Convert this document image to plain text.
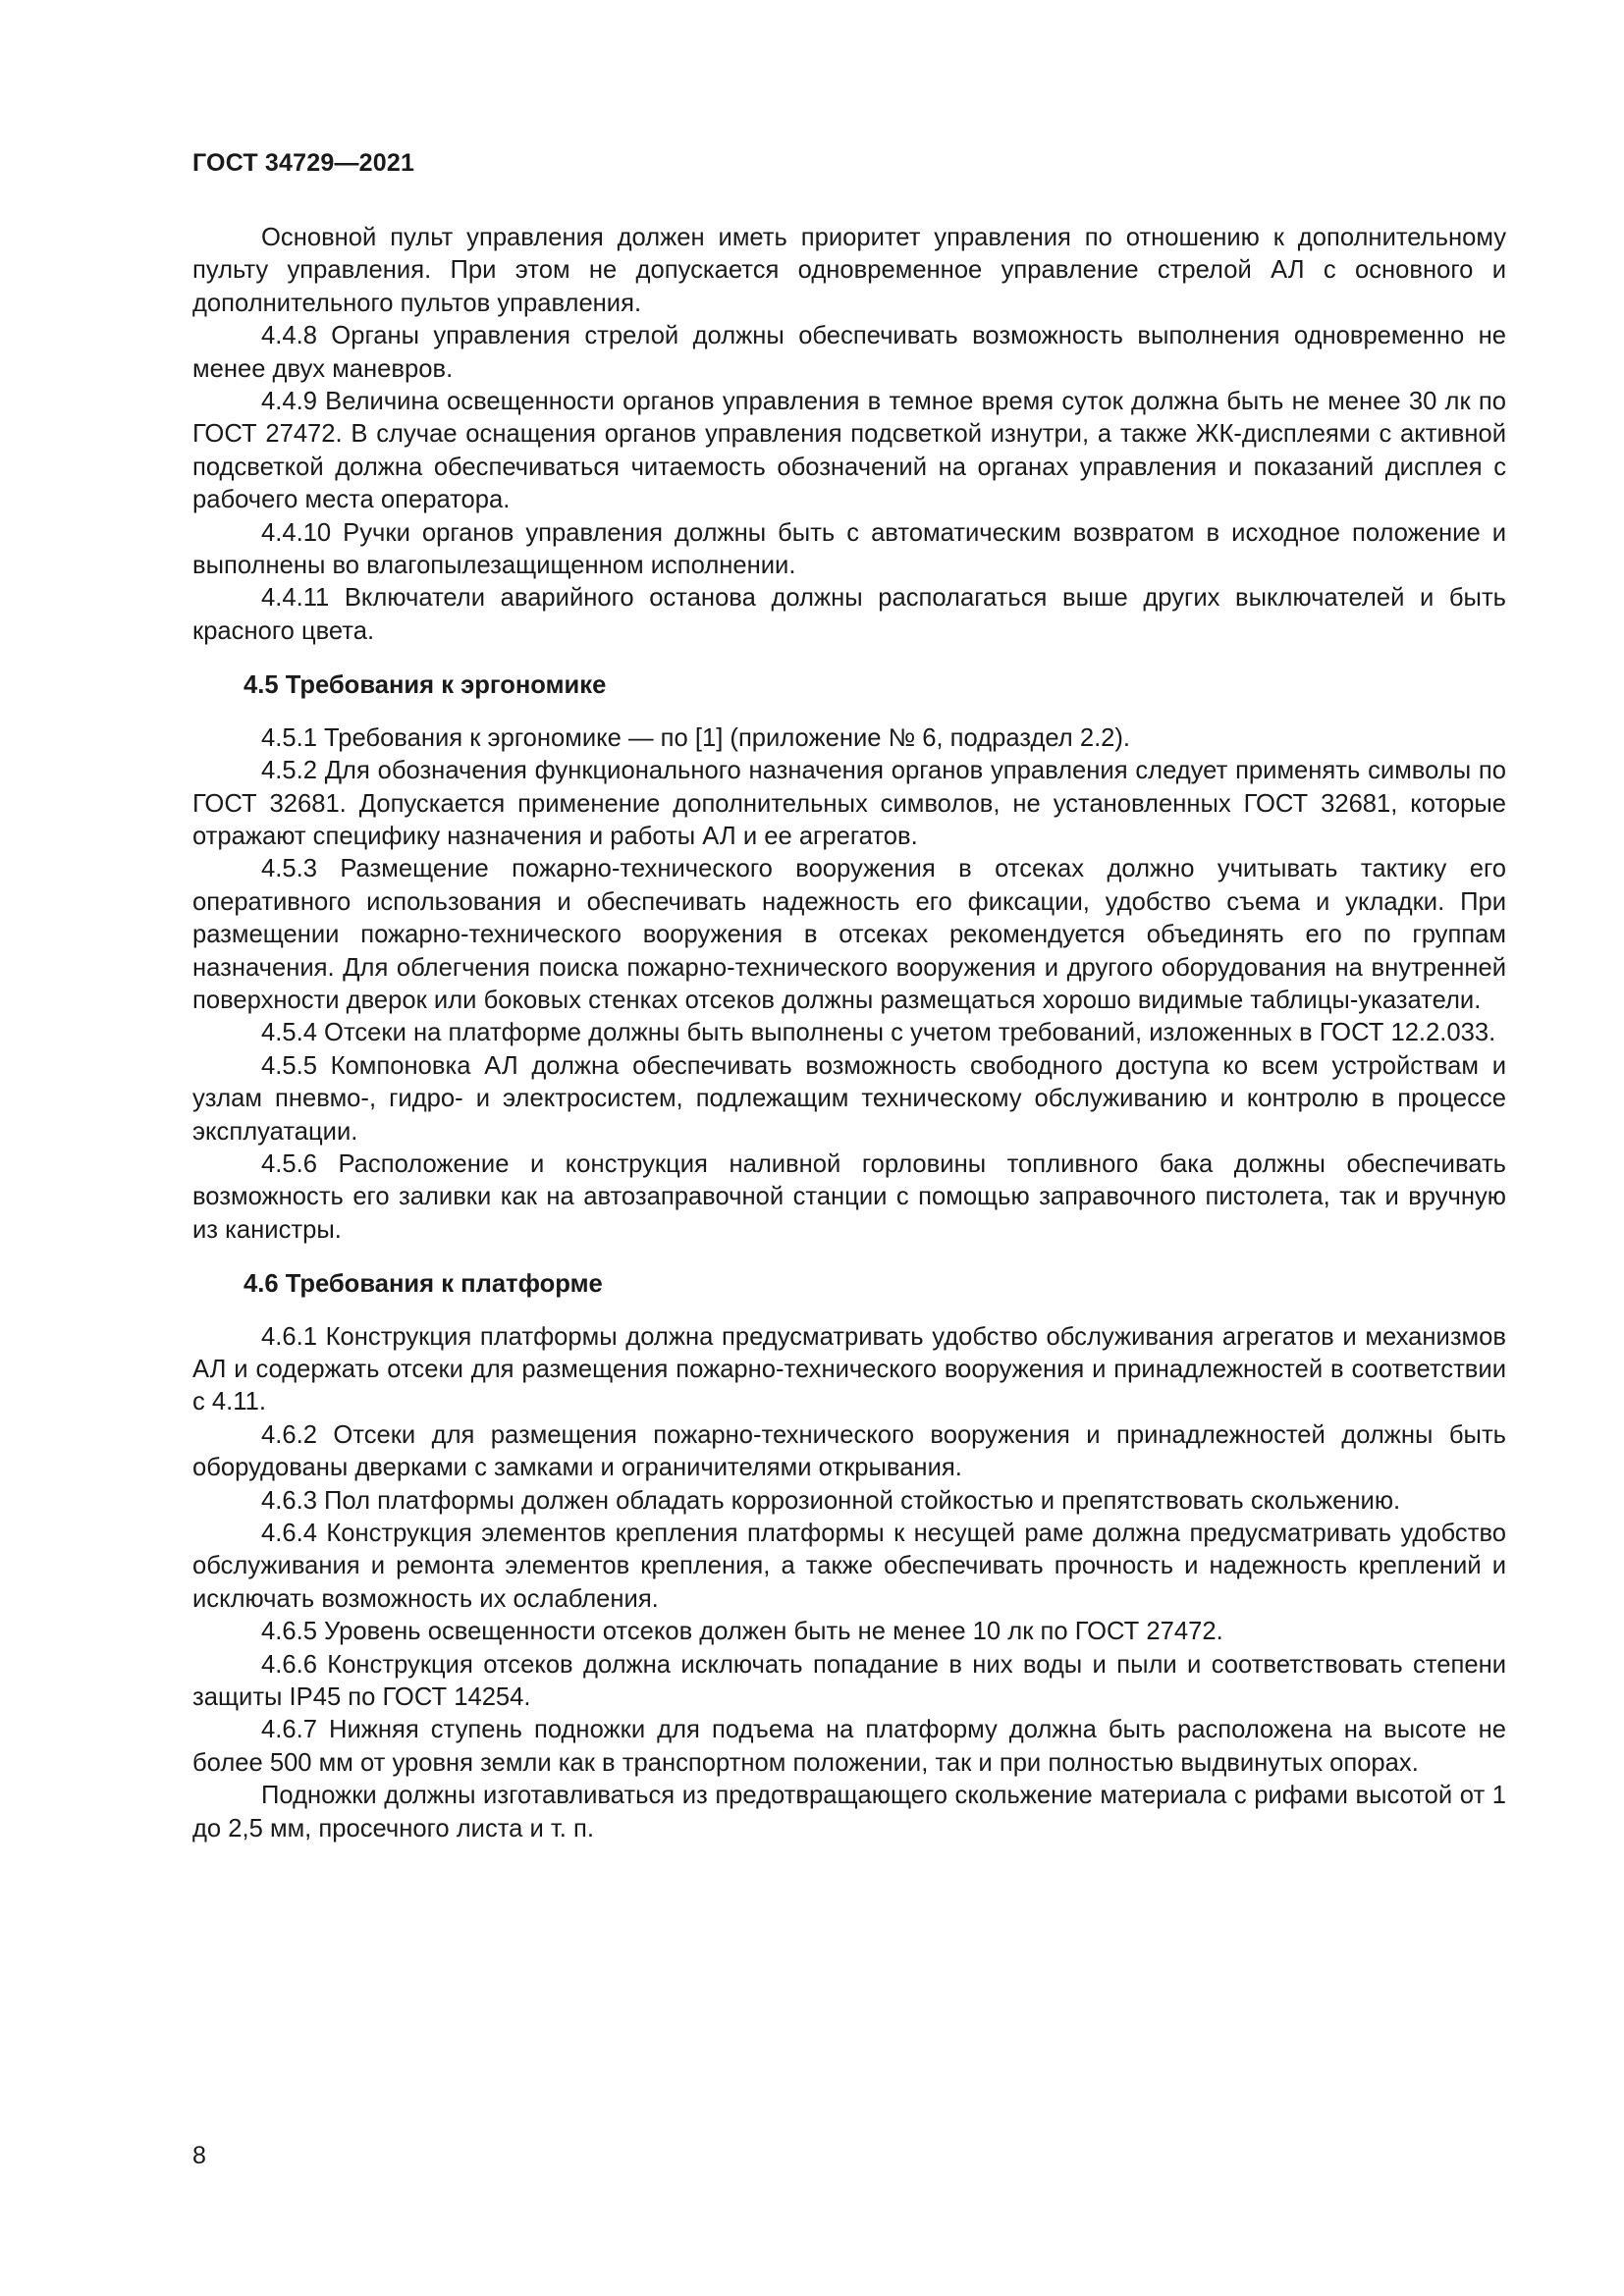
ГОСТ 34729—2021

Основной пульт управления должен иметь приоритет управления по отношению к дополнительному пульту управления. При этом не допускается одновременное управление стрелой АЛ с основного и дополнительного пультов управления.

4.4.8 Органы управления стрелой должны обеспечивать возможность выполнения одновременно не менее двух маневров.

4.4.9 Величина освещенности органов управления в темное время суток должна быть не менее 30 лк по ГОСТ 27472. В случае оснащения органов управления подсветкой изнутри, а также ЖК-дисплеями с активной подсветкой должна обеспечиваться читаемость обозначений на органах управления и показаний дисплея с рабочего места оператора.

4.4.10 Ручки органов управления должны быть с автоматическим возвратом в исходное положение и выполнены во влагопылезащищенном исполнении.

4.4.11 Включатели аварийного останова должны располагаться выше других выключателей и быть красного цвета.

4.5 Требования к эргономике

4.5.1 Требования к эргономике — по [1] (приложение № 6, подраздел 2.2).

4.5.2 Для обозначения функционального назначения органов управления следует применять символы по ГОСТ 32681. Допускается применение дополнительных символов, не установленных ГОСТ 32681, которые отражают специфику назначения и работы АЛ и ее агрегатов.

4.5.3 Размещение пожарно-технического вооружения в отсеках должно учитывать тактику его оперативного использования и обеспечивать надежность его фиксации, удобство съема и укладки. При размещении пожарно-технического вооружения в отсеках рекомендуется объединять его по группам назначения. Для облегчения поиска пожарно-технического вооружения и другого оборудования на внутренней поверхности дверок или боковых стенках отсеков должны размещаться хорошо видимые таблицы-указатели.

4.5.4 Отсеки на платформе должны быть выполнены с учетом требований, изложенных в ГОСТ 12.2.033.

4.5.5 Компоновка АЛ должна обеспечивать возможность свободного доступа ко всем устройствам и узлам пневмо-, гидро- и электросистем, подлежащим техническому обслуживанию и контролю в процессе эксплуатации.

4.5.6 Расположение и конструкция наливной горловины топливного бака должны обеспечивать возможность его заливки как на автозаправочной станции с помощью заправочного пистолета, так и вручную из канистры.

4.6 Требования к платформе

4.6.1 Конструкция платформы должна предусматривать удобство обслуживания агрегатов и механизмов АЛ и содержать отсеки для размещения пожарно-технического вооружения и принадлежностей в соответствии с 4.11.

4.6.2 Отсеки для размещения пожарно-технического вооружения и принадлежностей должны быть оборудованы дверками с замками и ограничителями открывания.

4.6.3 Пол платформы должен обладать коррозионной стойкостью и препятствовать скольжению.

4.6.4 Конструкция элементов крепления платформы к несущей раме должна предусматривать удобство обслуживания и ремонта элементов крепления, а также обеспечивать прочность и надежность креплений и исключать возможность их ослабления.

4.6.5 Уровень освещенности отсеков должен быть не менее 10 лк по ГОСТ 27472.

4.6.6 Конструкция отсеков должна исключать попадание в них воды и пыли и соответствовать степени защиты IP45 по ГОСТ 14254.

4.6.7 Нижняя ступень подножки для подъема на платформу должна быть расположена на высоте не более 500 мм от уровня земли как в транспортном положении, так и при полностью выдвинутых опорах.

Подножки должны изготавливаться из предотвращающего скольжение материала с рифами высотой от 1 до 2,5 мм, просечного листа и т. п.

8
